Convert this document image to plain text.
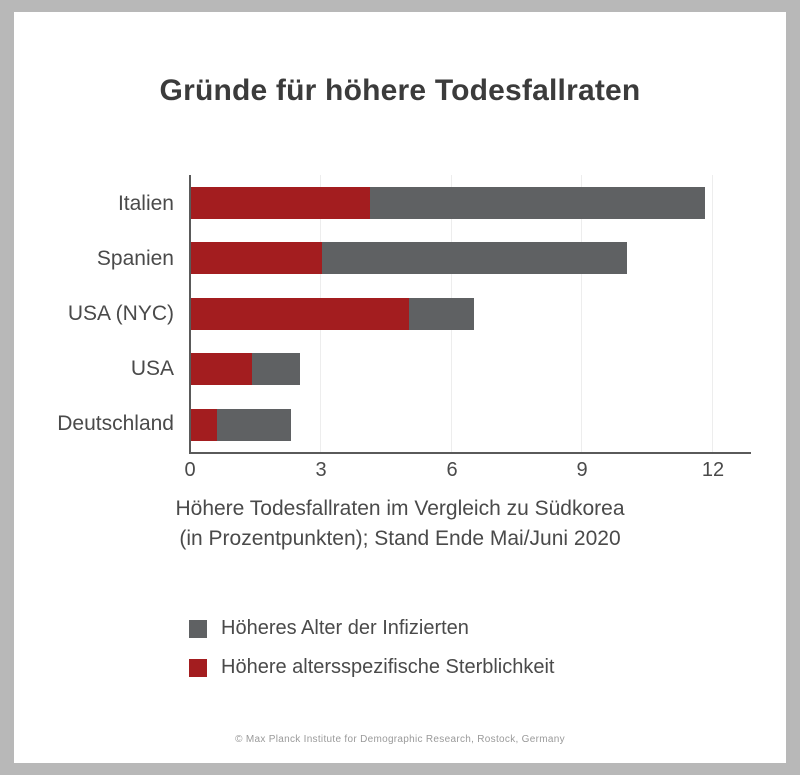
Gründe für höhere Todesfallraten
Italien
Spanien
USA (NYC)
USA
Deutschland
0	3	6	9	12
Höhere Todesfallraten im Vergleich zu Südkorea
(in Prozentpunkten); Stand Ende Mai/Juni 2020
Höheres Alter der Infizierten
Höhere altersspezifische Sterblichkeit
© Max Planck Institute for Demographic Research, Rostock, Germany
